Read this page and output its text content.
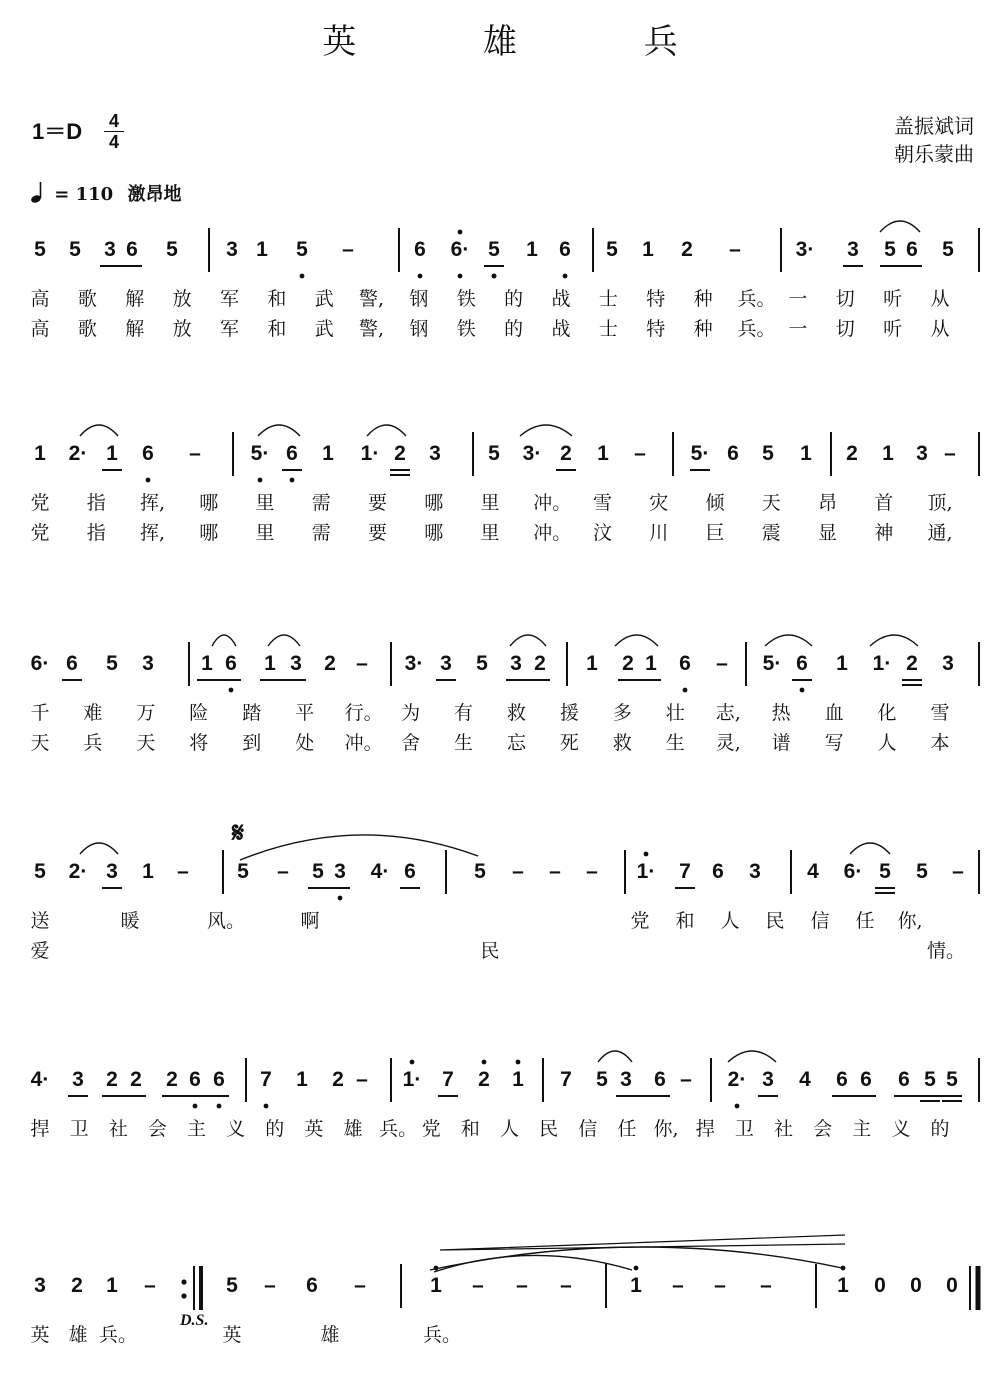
英 雄 兵
1＝D 4
4
盖振斌词
朝乐蒙曲
= 110 激昂地
5 5 3 6 5 3 1 5 –	6 6· 5 1 6 5 1 2 –	3· 3 5 6 5
高 歌 解 放 军 和 武 警, 钢 铁 的 战 士 特 种 兵。 一 切 听 从
高 歌 解 放 军 和 武 警, 钢 铁 的 战 士 特 种 兵。 一 切 听 从
1 2· 1 6 – 5· 6 1 1· 2 3 5 3· 2 1 – 5· 6 5 1 2 1 3 –
党 指 挥, 哪 里 需 要 哪 里 冲。 雪 灾 倾 天 昂 首 顶,
党 指 挥, 哪 里 需 要 哪 里 冲。 汶 川 巨 震 显 神 通,
6· 6 5 3 1 6 1 3 2 – 3· 3 5 3 2 1 2 1 6 – 5· 6 1 1· 2 3
千 难 万 险 踏 平 行。 为 有 救 援 多 壮 志, 热 血 化 雪
天 兵 天 将 到 处 冲。 舍 生 忘 死 救 生 灵, 谱 写 人 本
5 2· 3 1 – 5 – 5 3 4· 6	5 – – – 1· 7 6 3 4 6· 5 5 –
送	暖	风。	啊	党 和 人 民 信 任 你,
爱	民	情。
4· 3 2 2 2 6 6 7 1 2 – 1· 7 2 1 7 5 3 6 – 2· 3 4 6 6 6 5 5
捍 卫 社 会 主 义 的 英 雄 兵。 党 和 人 民 信 任 你, 捍 卫 社 会 主 义 的
3 2 1 –	5 – 6 –	1 – – –	1 – – –	1 0 0 0
英 雄 兵。	英	雄	兵。
𝄋
D.S.
